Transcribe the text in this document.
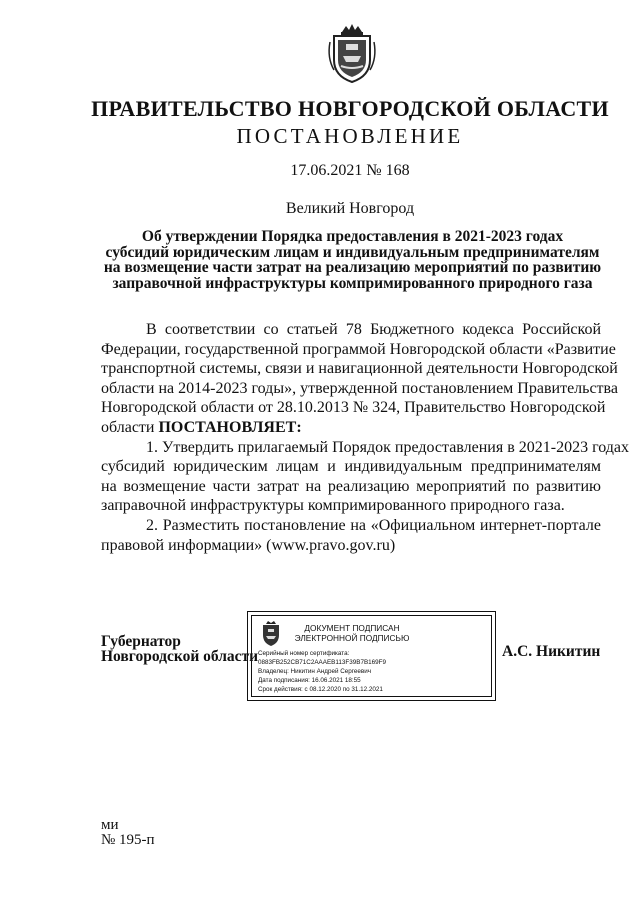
ПРАВИТЕЛЬСТВО НОВГОРОДСКОЙ ОБЛАСТИ
ПОСТАНОВЛЕНИЕ
17.06.2021 № 168
Великий Новгород
Об утверждении Порядка предоставления в 2021-2023 годах
субсидий юридическим лицам и индивидуальным предпринимателям
на возмещение части затрат на реализацию мероприятий по развитию
заправочной инфраструктуры компримированного природного газа
В соответствии со статьей 78 Бюджетного кодекса Российской
Федерации, государственной программой Новгородской области «Развитие
транспортной системы, связи и навигационной деятельности Новгородской
области на 2014-2023 годы», утвержденной постановлением Правительства
Новгородской области от 28.10.2013 № 324, Правительство Новгородской
области ПОСТАНОВЛЯЕТ:
1. Утвердить прилагаемый Порядок предоставления в 2021-2023 годах
субсидий юридическим лицам и индивидуальным предпринимателям
на возмещение части затрат на реализацию мероприятий по развитию
заправочной инфраструктуры компримированного природного газа.
2. Разместить постановление на «Официальном интернет-портале
правовой информации» (www.pravo.gov.ru)
Губернатор
Новгородской области
ДОКУМЕНТ ПОДПИСАН
ЭЛЕКТРОННОЙ ПОДПИСЬЮ
Серийный номер сертификата:
0883FB252CB71C2AAAEB113F39B7B169F9
Владелец: Никитин Андрей Сергеевич
Дата подписания: 16.06.2021 18:55
Срок действия: с 08.12.2020 по 31.12.2021
А.С. Никитин
ми
№ 195-п
